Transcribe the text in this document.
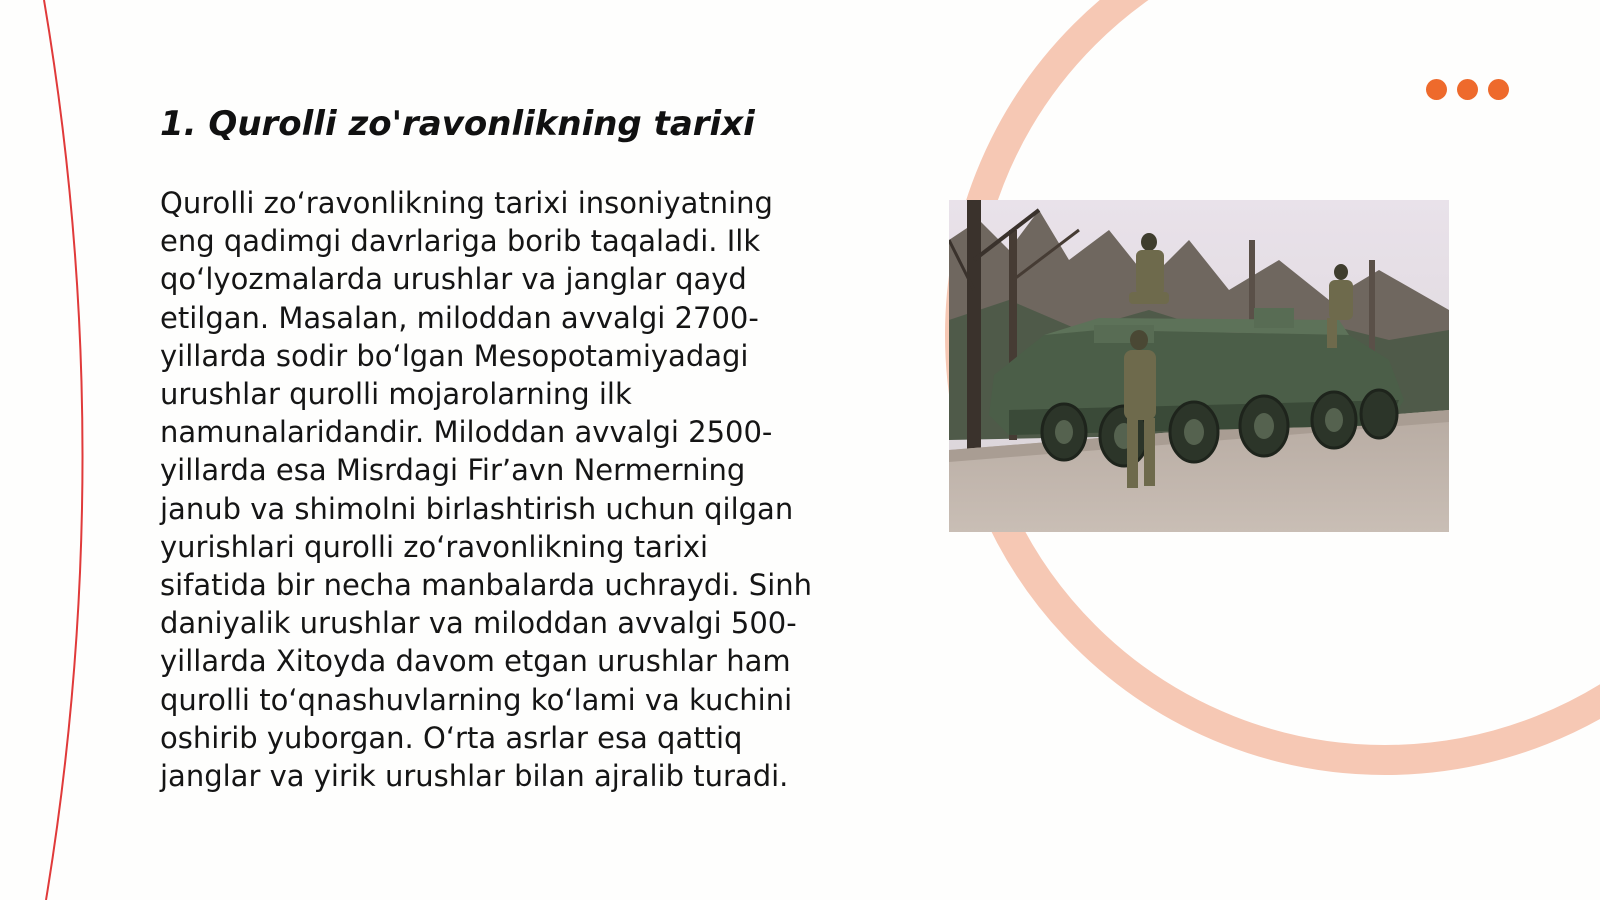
1. Qurolli zo'ravonlikning tarixi

Qurolli zoʻravonlikning tarixi insoniyatning
eng qadimgi davrlariga borib taqaladi. Ilk
qoʻlyozmalarda urushlar va janglar qayd
etilgan. Masalan, miloddan avvalgi 2700-
yillarda sodir boʻlgan Mesopotamiyadagi
urushlar qurolli mojarolarning ilk
namunalaridandir. Miloddan avvalgi 2500-
yillarda esa Misrdagi Fir’avn Nermerning
janub va shimolni birlashtirish uchun qilgan
yurishlari qurolli zoʻravonlikning tarixi
sifatida bir necha manbalarda uchraydi. Sinh
daniyalik urushlar va miloddan avvalgi 500-
yillarda Xitoyda davom etgan urushlar ham
qurolli toʻqnashuvlarning koʻlami va kuchini
oshirib yuborgan. Oʻrta asrlar esa qattiq
janglar va yirik urushlar bilan ajralib turadi.
